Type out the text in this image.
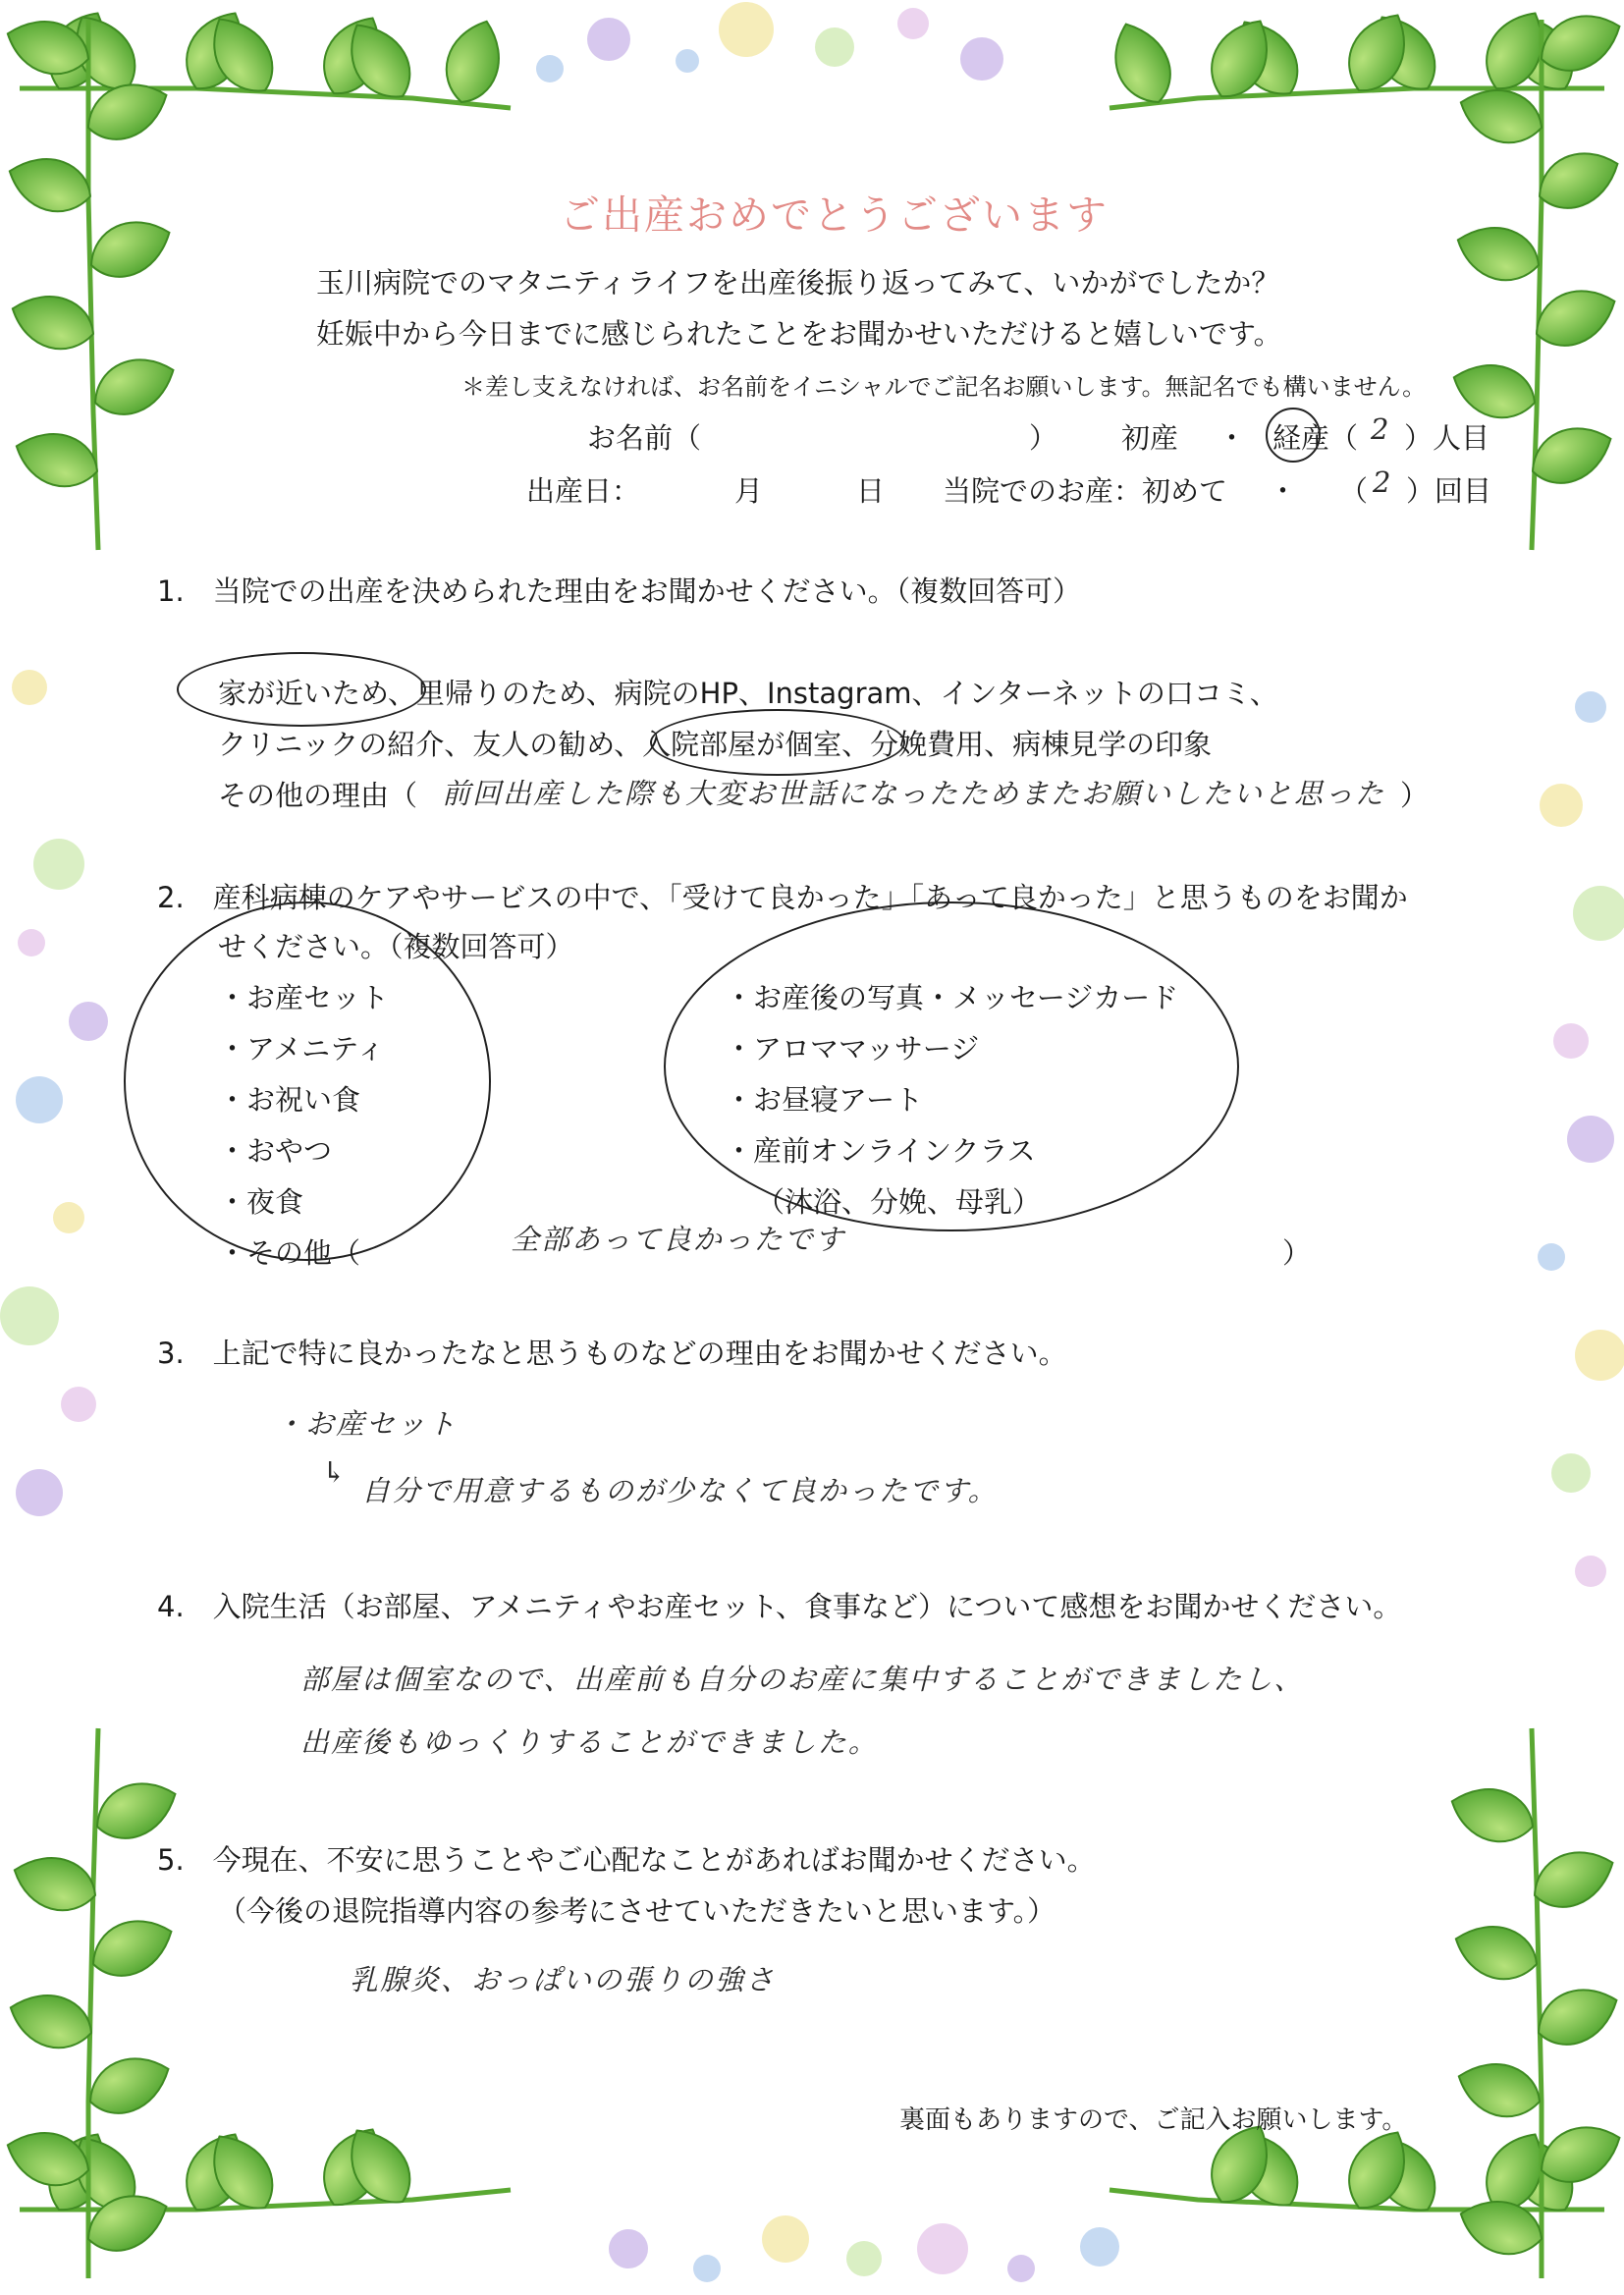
ご出産おめでとうございます
玉川病院でのマタニティライフを出産後振り返ってみて、いかがでしたか？
妊娠中から今日までに感じられたことをお聞かせいただけると嬉しいです。
＊差し支えなければ、お名前をイニシャルでご記名お願いします。無記名でも構いません。
お名前（	） 初産 ・ 経産（ 2 ）人目
出産日：	月	日 当院でのお産：初めて ・ （ 2 ）回目
1.　当院での出産を決められた理由をお聞かせください。（複数回答可）
家が近いため、里帰りのため、病院のHP、Instagram、インターネットの口コミ、
クリニックの紹介、友人の勧め、入院部屋が個室、分娩費用、病棟見学の印象
その他の理由（ 前回出産した際も大変お世話になったためまたお願いしたいと思った ）
2.　産科病棟のケアやサービスの中で、「受けて良かった」「あって良かった」と思うものをお聞か
せください。（複数回答可）
・お産セット
・アメニティ
・お祝い食
・おやつ
・夜食
・その他（	全部あって良かったです	）
・お産後の写真・メッセージカード
・アロママッサージ
・お昼寝アート
・産前オンラインクラス
（沐浴、分娩、母乳）
3.　上記で特に良かったなと思うものなどの理由をお聞かせください。
・お産セット
↳
自分で用意するものが少なくて良かったです。
4.　入院生活（お部屋、アメニティやお産セット、食事など）について感想をお聞かせください。
部屋は個室なので、出産前も自分のお産に集中することができましたし、
出産後もゆっくりすることができました。
5.　今現在、不安に思うことやご心配なことがあればお聞かせください。
（今後の退院指導内容の参考にさせていただきたいと思います。）
乳腺炎、おっぱいの張りの強さ
裏面もありますので、ご記入お願いします。
